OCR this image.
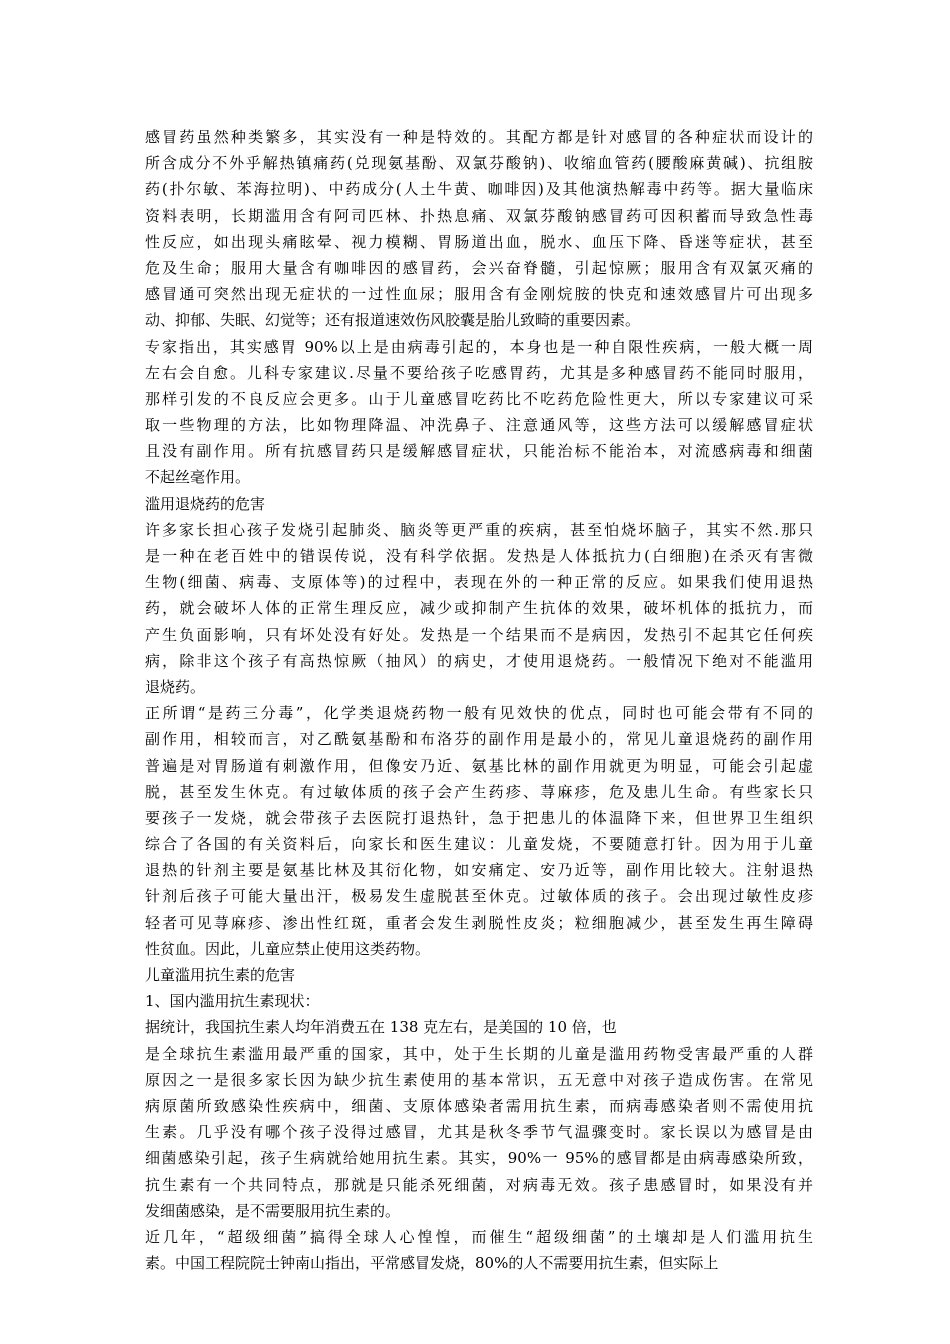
感冒药虽然种类繁多，其实没有一种是特效的。其配方都是针对感冒的各种症状而设计的
所含成分不外乎解热镇痛药(兑现氨基酚、双氯芬酸钠)、收缩血管药(腰酸麻黄碱)、抗组胺
药(扑尔敏、苯海拉明)、中药成分(人土牛黄、咖啡因)及其他演热解毒中药等。据大量临床
资料表明，长期滥用含有阿司匹林、扑热息痛、双氯芬酸钠感冒药可因积蓄而导致急性毒
性反应，如出现头痛眩晕、视力模糊、胃肠道出血，脱水、血压下降、昏迷等症状，甚至
危及生命；服用大量含有咖啡因的感冒药，会兴奋脊髓，引起惊厥；服用含有双氯灭痛的
感冒通可突然出现无症状的一过性血尿；服用含有金刚烷胺的快克和速效感冒片可出现多
动、抑郁、失眠、幻觉等；还有报道速效伤风胶囊是胎儿致畸的重要因素。
专家指出，其实感胃 90%以上是由病毒引起的，本身也是一种自限性疾病，一般大概一周
左右会自愈。儿科专家建议.尽量不要给孩子吃感胃药，尤其是多种感冒药不能同时服用，
那样引发的不良反应会更多。山于儿童感冒吃药比不吃药危险性更大，所以专家建议可采
取一些物理的方法，比如物理降温、冲洗鼻子、注意通风等，这些方法可以缓解感冒症状
且没有副作用。所有抗感冒药只是缓解感冒症状，只能治标不能治本，对流感病毒和细菌
不起丝毫作用。
滥用退烧药的危害
许多家长担心孩子发烧引起肺炎、脑炎等更严重的疾病，甚至怕烧坏脑子，其实不然.那只
是一种在老百姓中的错误传说，没有科学依据。发热是人体抵抗力(白细胞)在杀灭有害微
生物(细菌、病毒、支原体等)的过程中，表现在外的一种正常的反应。如果我们使用退热
药，就会破坏人体的正常生理反应，减少或抑制产生抗体的效果，破坏机体的抵抗力，而
产生负面影响，只有坏处没有好处。发热是一个结果而不是病因，发热引不起其它任何疾
病，除非这个孩子有高热惊厥（抽风）的病史，才使用退烧药。一般情况下绝对不能滥用
退烧药。
正所谓“是药三分毒”，化学类退烧药物一般有见效快的优点，同时也可能会带有不同的
副作用，相较而言，对乙酰氨基酚和布洛芬的副作用是最小的，常见儿童退烧药的副作用
普遍是对胃肠道有刺激作用，但像安乃近、氨基比林的副作用就更为明显，可能会引起虚
脱，甚至发生休克。有过敏体质的孩子会产生药疹、荨麻疹，危及患儿生命。有些家长只
要孩子一发烧，就会带孩子去医院打退热针，急于把患儿的体温降下来，但世界卫生组织
综合了各国的有关资料后，向家长和医生建议：儿童发烧，不要随意打针。因为用于儿童
退热的针剂主要是氨基比林及其衍化物，如安痛定、安乃近等，副作用比较大。注射退热
针剂后孩子可能大量出汗，极易发生虚脱甚至休克。过敏体质的孩子。会出现过敏性皮疹
轻者可见荨麻疹、渗出性红斑，重者会发生剥脱性皮炎；粒细胞减少，甚至发生再生障碍
性贫血。因此，儿童应禁止使用这类药物。
儿童滥用抗生素的危害
1、国内滥用抗生素现状：
据统计，我国抗生素人均年消费五在 138 克左右，是美国的 10 倍，也
是全球抗生素滥用最严重的国家，其中，处于生长期的儿童是滥用药物受害最严重的人群
原因之一是很多家长因为缺少抗生素使用的基本常识，五无意中对孩子造成伤害。在常见
病原菌所致感染性疾病中，细菌、支原体感染者需用抗生素，而病毒感染者则不需使用抗
生素。几乎没有哪个孩子没得过感冒，尤其是秋冬季节气温骤变时。家长误以为感冒是由
细菌感染引起，孩子生病就给她用抗生素。其实，90%一 95%的感冒都是由病毒感染所致，
抗生素有一个共同特点，那就是只能杀死细菌，对病毒无效。孩子患感冒时，如果没有并
发细菌感染，是不需要服用抗生素的。
近几年，“超级细菌”搞得全球人心惶惶，而催生“超级细菌”的土壤却是人们滥用抗生
素。中国工程院院士钟南山指出，平常感冒发烧，80%的人不需要用抗生素，但实际上
